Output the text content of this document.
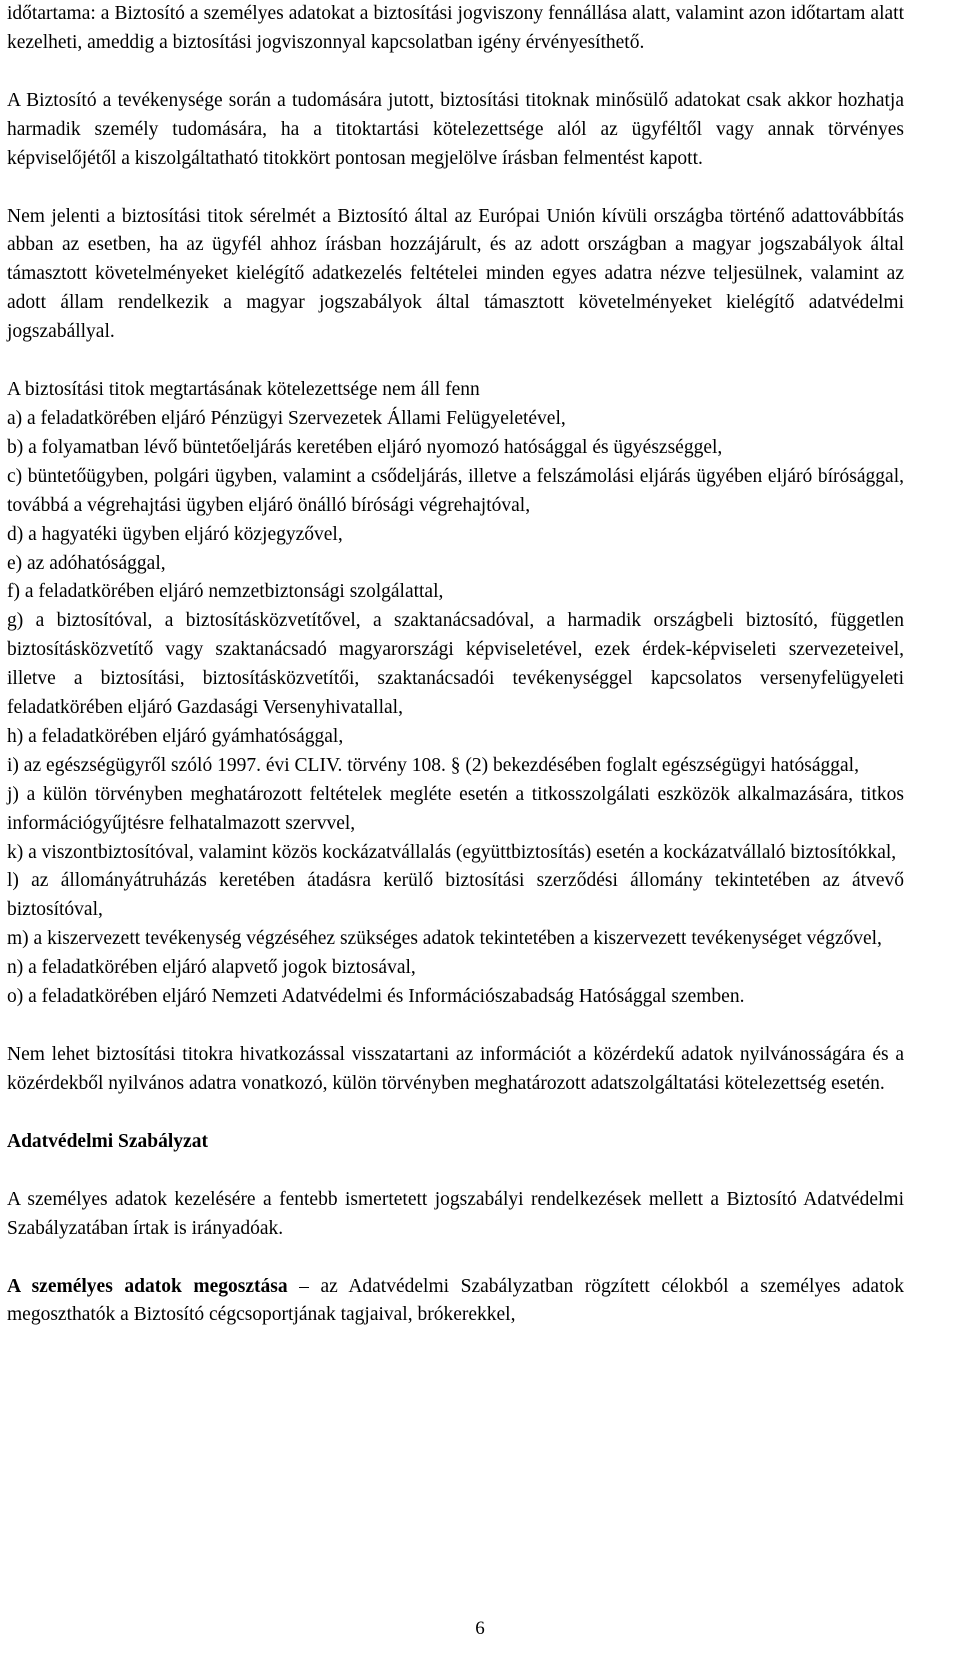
időtartama: a Biztosító a személyes adatokat a biztosítási jogviszony fennállása alatt, valamint azon időtartam alatt kezelheti, ameddig a biztosítási jogviszonnyal kapcsolatban igény érvényesíthető.

A Biztosító a tevékenysége során a tudomására jutott, biztosítási titoknak minősülő adatokat csak akkor hozhatja harmadik személy tudomására, ha a titoktartási kötelezettsége alól az ügyféltől vagy annak törvényes képviselőjétől a kiszolgáltatható titokkört pontosan megjelölve írásban felmentést kapott.

Nem jelenti a biztosítási titok sérelmét a Biztosító által az Európai Unión kívüli országba történő adattovábbítás abban az esetben, ha az ügyfél ahhoz írásban hozzájárult, és az adott országban a magyar jogszabályok által támasztott követelményeket kielégítő adatkezelés feltételei minden egyes adatra nézve teljesülnek, valamint az adott állam rendelkezik a magyar jogszabályok által támasztott követelményeket kielégítő adatvédelmi jogszabállyal.

A biztosítási titok megtartásának kötelezettsége nem áll fenn

a) a feladatkörében eljáró Pénzügyi Szervezetek Állami Felügyeletével,

b) a folyamatban lévő büntetőeljárás keretében eljáró nyomozó hatósággal és ügyészséggel,

c) büntetőügyben, polgári ügyben, valamint a csődeljárás, illetve a felszámolási eljárás ügyében eljáró bírósággal, továbbá a végrehajtási ügyben eljáró önálló bírósági végrehajtóval,

d) a hagyatéki ügyben eljáró közjegyzővel,

e) az adóhatósággal,

f) a feladatkörében eljáró nemzetbiztonsági szolgálattal,

g) a biztosítóval, a biztosításközvetítővel, a szaktanácsadóval, a harmadik országbeli biztosító, független biztosításközvetítő vagy szaktanácsadó magyarországi képviseletével, ezek érdek-képviseleti szervezeteivel, illetve a biztosítási, biztosításközvetítői, szaktanácsadói tevékenységgel kapcsolatos versenyfelügyeleti feladatkörében eljáró Gazdasági Versenyhivatallal,

h) a feladatkörében eljáró gyámhatósággal,

i) az egészségügyről szóló 1997. évi CLIV. törvény 108. § (2) bekezdésében foglalt egészségügyi hatósággal,

j) a külön törvényben meghatározott feltételek megléte esetén a titkosszolgálati eszközök alkalmazására, titkos információgyűjtésre felhatalmazott szervvel,

k) a viszontbiztosítóval, valamint közös kockázatvállalás (együttbiztosítás) esetén a kockázatvállaló biztosítókkal,

l) az állományátruházás keretében átadásra kerülő biztosítási szerződési állomány tekintetében az átvevő biztosítóval,

m) a kiszervezett tevékenység végzéséhez szükséges adatok tekintetében a kiszervezett tevékenységet végzővel,

n) a feladatkörében eljáró alapvető jogok biztosával,

o) a feladatkörében eljáró Nemzeti Adatvédelmi és Információszabadság Hatósággal szemben.

Nem lehet biztosítási titokra hivatkozással visszatartani az információt a közérdekű adatok nyilvánosságára és a közérdekből nyilvános adatra vonatkozó, külön törvényben meghatározott adatszolgáltatási kötelezettség esetén.

Adatvédelmi Szabályzat

A személyes adatok kezelésére a fentebb ismertetett jogszabályi rendelkezések mellett a Biztosító Adatvédelmi Szabályzatában írtak is irányadóak.

A személyes adatok megosztása – az Adatvédelmi Szabályzatban rögzített célokból a személyes adatok megoszthatók a Biztosító cégcsoportjának tagjaival, brókerekkel,

6
